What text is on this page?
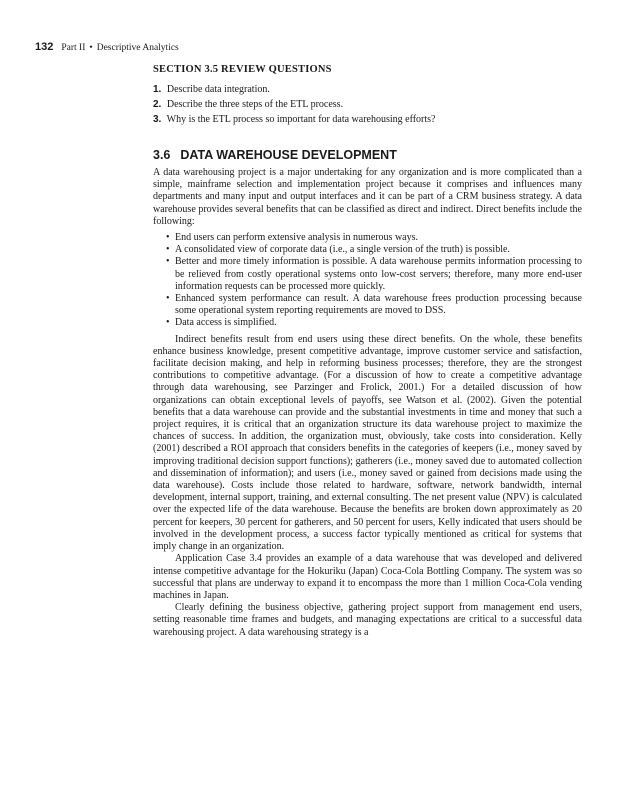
132 Part II • Descriptive Analytics
SECTION 3.5 REVIEW QUESTIONS
1. Describe data integration.
2. Describe the three steps of the ETL process.
3. Why is the ETL process so important for data warehousing efforts?
3.6 DATA WAREHOUSE DEVELOPMENT

A data warehousing project is a major undertaking for any organization and is more complicated than a simple, mainframe selection and implementation project because it comprises and influences many departments and many input and output interfaces and it can be part of a CRM business strategy. A data warehouse provides several benefits that can be classified as direct and indirect. Direct benefits include the following:

• End users can perform extensive analysis in numerous ways.
• A consolidated view of corporate data (i.e., a single version of the truth) is possible.
• Better and more timely information is possible. A data warehouse permits information processing to be relieved from costly operational systems onto low-cost servers; therefore, many more end-user information requests can be processed more quickly.
• Enhanced system performance can result. A data warehouse frees production processing because some operational system reporting requirements are moved to DSS.
• Data access is simplified.

Indirect benefits result from end users using these direct benefits. On the whole, these benefits enhance business knowledge, present competitive advantage, improve customer service and satisfaction, facilitate decision making, and help in reforming business processes; therefore, they are the strongest contributions to competitive advantage. (For a discussion of how to create a competitive advantage through data warehousing, see Parzinger and Frolick, 2001.) For a detailed discussion of how organizations can obtain exceptional levels of payoffs, see Watson et al. (2002). Given the potential benefits that a data warehouse can provide and the substantial investments in time and money that such a project requires, it is critical that an organization structure its data warehouse project to maximize the chances of success. In addition, the organization must, obviously, take costs into consideration. Kelly (2001) described a ROI approach that considers benefits in the categories of keepers (i.e., money saved by improving traditional decision support functions); gatherers (i.e., money saved due to automated collection and dissemination of information); and users (i.e., money saved or gained from decisions made using the data warehouse). Costs include those related to hardware, software, network bandwidth, internal development, internal support, training, and external consulting. The net present value (NPV) is calculated over the expected life of the data warehouse. Because the benefits are broken down approximately as 20 percent for keepers, 30 percent for gatherers, and 50 percent for users, Kelly indicated that users should be involved in the development process, a success factor typically mentioned as critical for systems that imply change in an organization.

Application Case 3.4 provides an example of a data warehouse that was developed and delivered intense competitive advantage for the Hokuriku (Japan) Coca-Cola Bottling Company. The system was so successful that plans are underway to expand it to encompass the more than 1 million Coca-Cola vending machines in Japan.

Clearly defining the business objective, gathering project support from management end users, setting reasonable time frames and budgets, and managing expectations are critical to a successful data warehousing project. A data warehousing strategy is a
